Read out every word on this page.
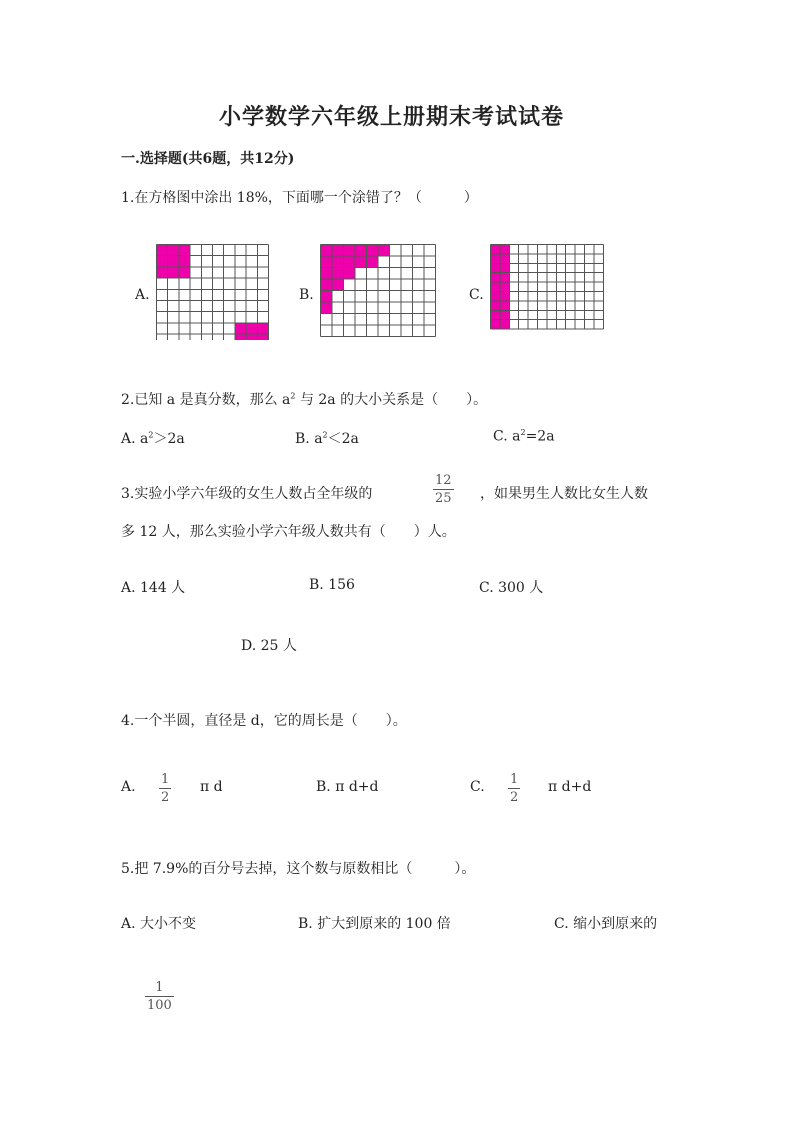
小学数学六年级上册期末考试试卷
一.选择题(共6题，共12分)
1.在方格图中涂出 18%，下面哪一个涂错了？（　　　）
A.	B.	C.
2.已知 a 是真分数，那么 $a^2$ 与 2a 的大小关系是（　　）。
A. $a^2>2a$	B. $a^2<2a$	C. $a^2=2a$
3.实验小学六年级的女生人数占全年级的
12
25 ，如果男生人数比女生人数
多 12 人，那么实验小学六年级人数共有（　　）人。
A. 144 人	B. 156	C. 300 人
D. 25 人
4.一个半圆，直径是 d，它的周长是（　　）。
A. 1
2
π d	B. π d+d	C. 1
2
π d+d
5.把 7.9%的百分号去掉，这个数与原数相比（　　　）。
A. 大小不变	B. 扩大到原来的 100 倍	C. 缩小到原来的
1
100
